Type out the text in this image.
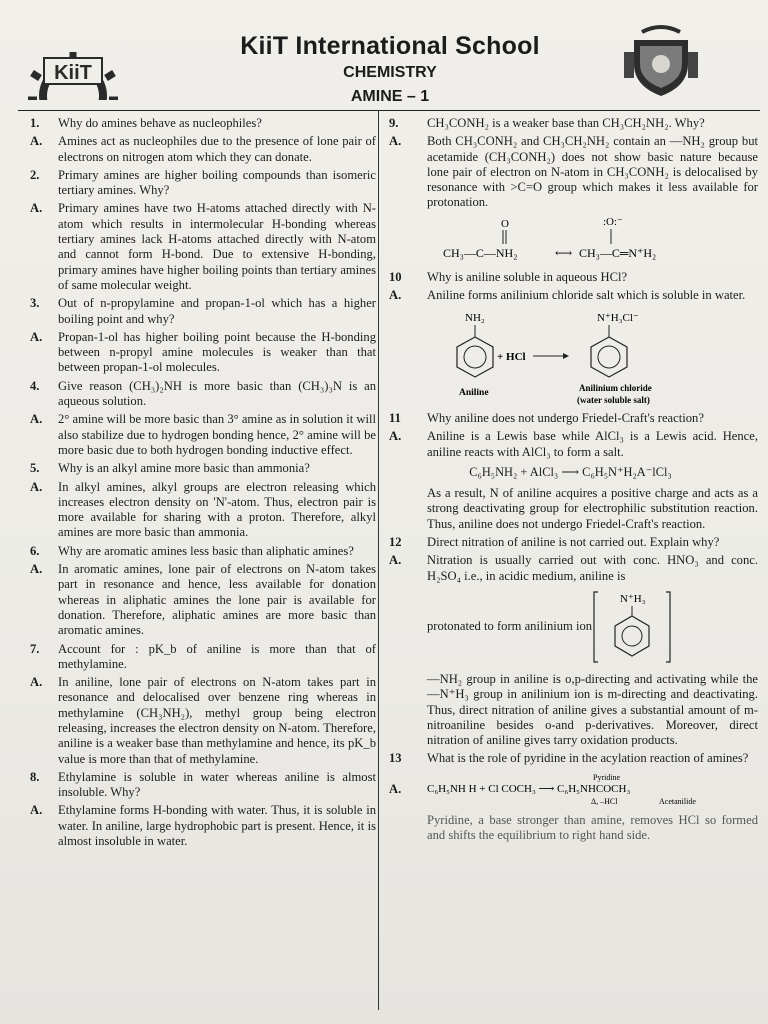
KiiT
KiiT International School
CHEMISTRY
AMINE – 1
1.	Why do amines behave as nucleophiles?
A.	Amines act as nucleophiles due to the presence of lone pair of electrons on nitrogen atom which they can donate.
2.	Primary amines are higher boiling compounds than isomeric tertiary amines. Why?
A.	Primary amines have two H-atoms attached directly with N-atom which results in intermolecular H-bonding whereas tertiary amines lack H-atoms attached directly with N-atom and cannot form H-bond. Due to extensive H-bonding, primary amines have higher boiling points than tertiary amines of same molecular weight.
3.	Out of n-propylamine and propan-1-ol which has a higher boiling point and why?
A.	Propan-1-ol has higher boiling point because the H-bonding between n-propyl amine molecules is weaker than that between propan-1-ol molecules.
4.	Give reason (CH₃)₂NH is more basic than (CH₃)₃N is an aqueous solution.
A.	2° amine will be more basic than 3° amine as in solution it will also stabilize due to hydrogen bonding hence, 2° amine will be more basic due to both hydrogen bonding inductive effect.
5.	Why is an alkyl amine more basic than ammonia?
A.	In alkyl amines, alkyl groups are electron releasing which increases electron density on 'N'-atom. Thus, electron pair is more available for sharing with a proton. Therefore, alkyl amines are more basic than ammonia.
6.	Why are aromatic amines less basic than aliphatic amines?
A.	In aromatic amines, lone pair of electrons on N-atom takes part in resonance and hence, less available for donation whereas in aliphatic amines the lone pair is available for donation. Therefore, aliphatic amines are more basic than aromatic amines.
7.	Account for : pK_b of aniline is more than that of methylamine.
A.	In aniline, lone pair of electrons on N-atom takes part in resonance and delocalised over benzene ring whereas in methylamine (CH₃NH₂), methyl group being electron releasing, increases the electron density on N-atom. Therefore, aniline is a weaker base than methylamine and hence, its pK_b value is more than that of methylamine.
8.	Ethylamine is soluble in water whereas aniline is almost insoluble. Why?
A.	Ethylamine forms H-bonding with water. Thus, it is soluble in water. In aniline, large hydrophobic part is present. Hence, it is almost insoluble in water.
9.	CH₃CONH₂ is a weaker base than CH₃CH₂NH₂. Why?
A.	Both CH₃CONH₂ and CH₃CH₂NH₂ contain an —NH₂ group but acetamide (CH₃CONH₂) does not show basic nature because lone pair of electron on N-atom in CH₃CONH₂ is delocalised by resonance with >C=O group which makes it less available for protonation.
O
CH₃—C—NH₂	⟷
:O:⁻
CH₃—C═N⁺H₂
10	Why is aniline soluble in aqueous HCl?
A.	Aniline forms anilinium chloride salt which is soluble in water.
NH₂
+ HCl
Aniline
N⁺H₃Cl⁻
Anilinium chloride
(water soluble salt)
11	Why aniline does not undergo Friedel-Craft's reaction?
A.	Aniline is a Lewis base while AlCl₃ is a Lewis acid. Hence, aniline reacts with AlCl₃ to form a salt.
C₆H₅NH₂ + AlCl₃ ⟶ C₆H₅N⁺H₂A⁻lCl₃
As a result, N of aniline acquires a positive charge and acts as a strong deactivating group for electrophilic substitution reaction. Thus, aniline does not undergo Friedel-Craft's reaction.
12	Direct nitration of aniline is not carried out. Explain why?
A.	Nitration is usually carried out with conc. HNO₃ and conc. H₂SO₄ i.e., in acidic medium, aniline is
protonated to form anilinium ion
N⁺H₃
—NH₂ group in aniline is o,p-directing and activating while the —N⁺H₃ group in anilinium ion is m-directing and deactivating. Thus, direct nitration of aniline gives a substantial amount of m-nitroaniline besides o-and p-derivatives. Moreover, direct nitration of aniline gives tarry oxidation products.
13	What is the role of pyridine in the acylation reaction of amines?
A.	C₆H₅NH H + Cl COCH₃ ⟶ C₆H₅NHCOCH₃
Pyridine
Δ, –HCl	Acetanilide
Pyridine, a base stronger than amine, removes HCl so formed and shifts the equilibrium to right hand side.
